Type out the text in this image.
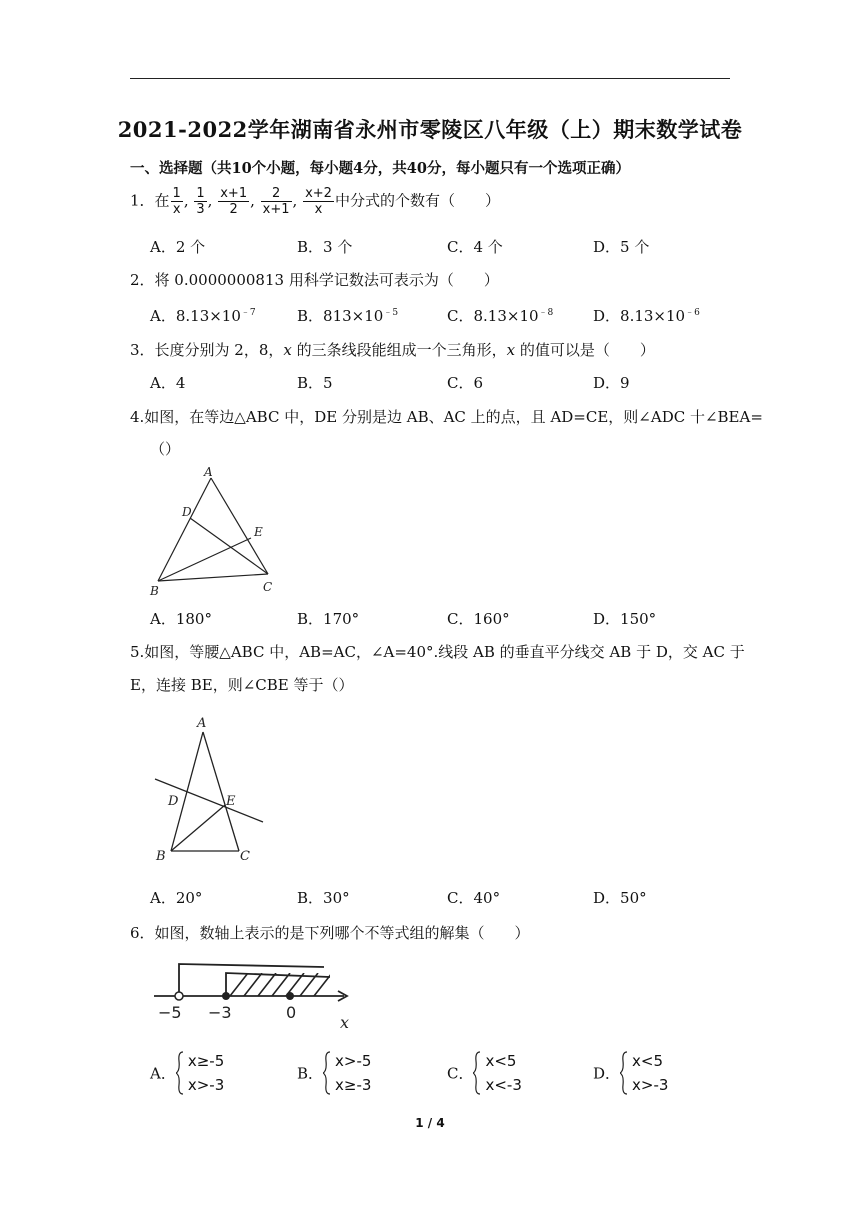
2021-2022学年湖南省永州市零陵区八年级（上）期末数学试卷
一、选择题（共10个小题，每小题4分，共40分，每小题只有一个选项正确）
1．在 $\frac{1}{x}$ , $\frac{1}{3}$ , $\frac{x+1}{2}$ , $\frac{2}{x+1}$ , $\frac{x+2}{x}$ 中分式的个数有（　　）
A．2 个	B．3 个	C．4 个	D．5 个
2．将 0.0000000813 用科学记数法可表示为（　　）
A．$8.13\times 10^{﹣7}$	B．$813\times 10^{﹣5}$	C．$8.13\times 10^{﹣8}$	D．$8.13\times 10^{﹣6}$
3．长度分别为 2，8，x 的三条线段能组成一个三角形，x 的值可以是（　　）
A．4	B．5	C．6	D．9
4.如图，在等边△ABC 中，DE 分别是边 AB、AC 上的点，且 AD=CE，则∠ADC 十∠BEA=
（）
A
D
E
B	C
A．180°	B．170°	C．160°	D．150°
5.如图，等腰△ABC 中，AB=AC，∠A=40°.线段 AB 的垂直平分线交 AB 于 D，交 AC 于
E，连接 BE，则∠CBE 等于（）
A
D	E
B	C
A．20°	B．30°	C．40°	D．50°
6．如图，数轴上表示的是下列哪个不等式组的解集（　　）
−5 −3	0
x
A．
x≥-5
x>-3
B．
x>-5
x≥-3
C．
x<5
x<-3
D．
x<5
x>-3
1 / 4
